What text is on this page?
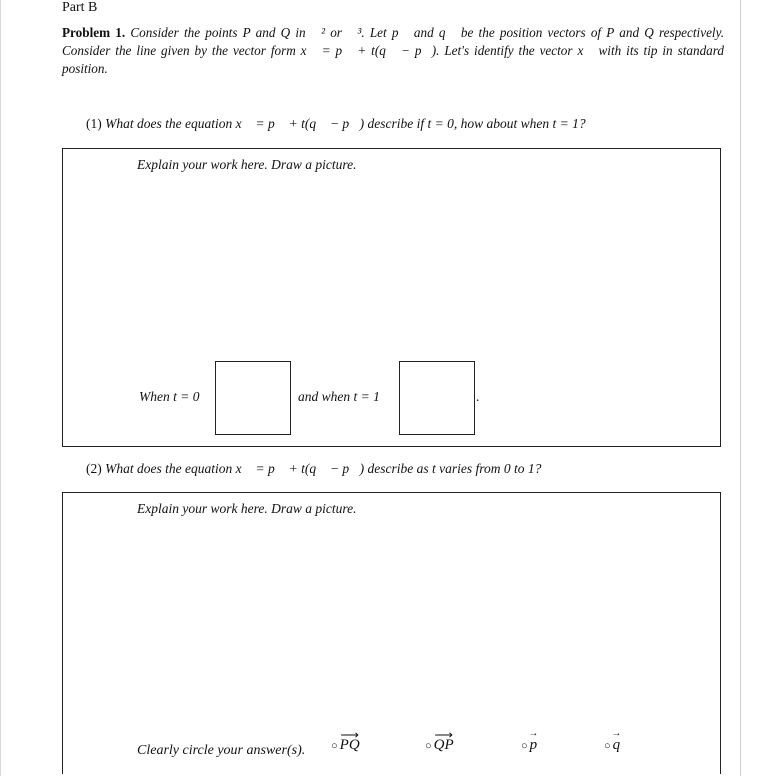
Part B
Problem 1. Consider the points P and Q in ℝ² or ℝ³. Let p⃗ and q⃗ be the position vectors of P and Q respectively. Consider the line given by the vector form x⃗ = p⃗ + t(q⃗ − p⃗). Let's identify the vector x⃗ with its tip in standard position.
(1) What does the equation x⃗ = p⃗ + t(q⃗ − p⃗) describe if t = 0, how about when t = 1?
Explain your work here. Draw a picture.
When t = 0	and when t = 1	.
(2) What does the equation x⃗ = p⃗ + t(q⃗ − p⃗) describe as t varies from 0 to 1?
Explain your work here. Draw a picture.
Clearly circle your answer(s). ○ ⟶ PQ	○ ⟶ QP	○ → p	○ → q
